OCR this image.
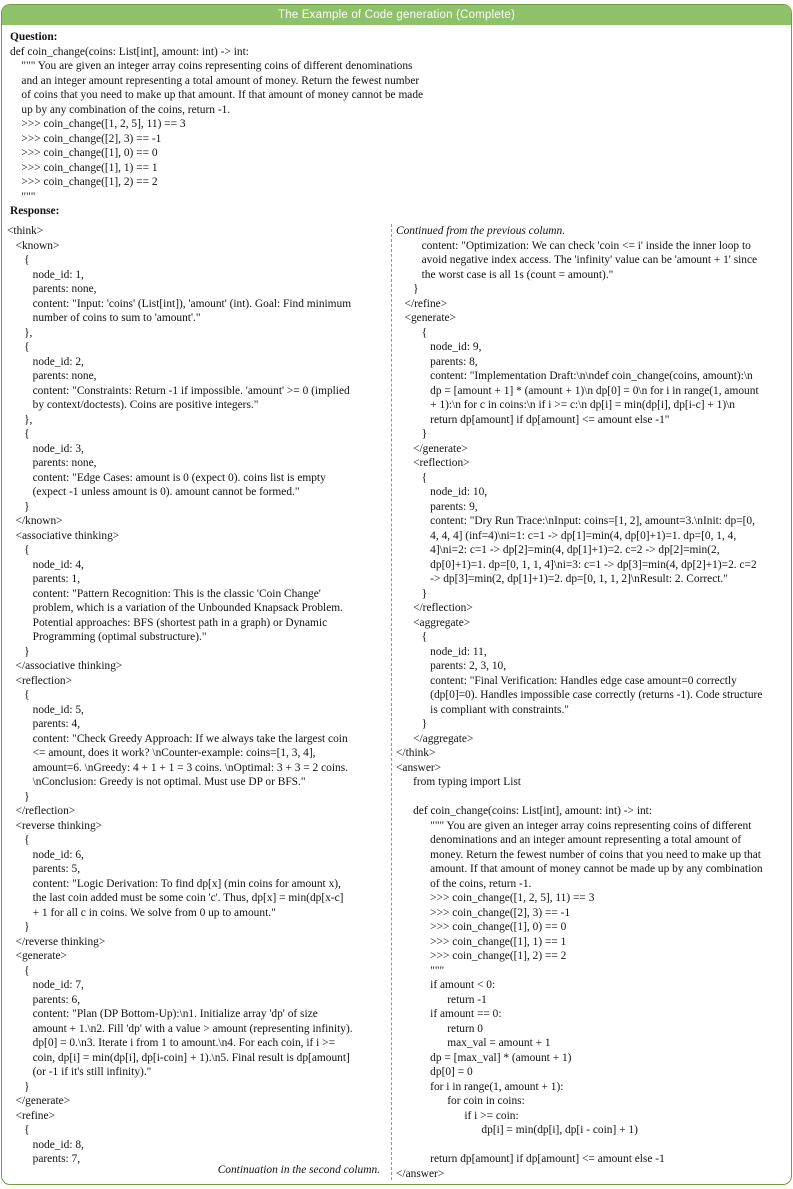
The Example of Code generation (Complete)
Question:
def coin_change(coins: List[int], amount: int) -> int:
""" You are given an integer array coins representing coins of different denominations
and an integer amount representing a total amount of money. Return the fewest number
of coins that you need to make up that amount. If that amount of money cannot be made
up by any combination of the coins, return -1.
>>> coin_change([1, 2, 5], 11) == 3
>>> coin_change([2], 3) == -1
>>> coin_change([1], 0) == 0
>>> coin_change([1], 1) == 1
>>> coin_change([1], 2) == 2
"""
Response:
<think>
<known>
{
node_id: 1,
parents: none,
content: "Input: 'coins' (List[int]), 'amount' (int). Goal: Find minimum
number of coins to sum to 'amount'."
},
{
node_id: 2,
parents: none,
content: "Constraints: Return -1 if impossible. 'amount' >= 0 (implied
by context/doctests). Coins are positive integers."
},
{
node_id: 3,
parents: none,
content: "Edge Cases: amount is 0 (expect 0). coins list is empty
(expect -1 unless amount is 0). amount cannot be formed."
}
</known>
<associative thinking>
{
node_id: 4,
parents: 1,
content: "Pattern Recognition: This is the classic 'Coin Change'
problem, which is a variation of the Unbounded Knapsack Problem.
Potential approaches: BFS (shortest path in a graph) or Dynamic
Programming (optimal substructure)."
}
</associative thinking>
<reflection>
{
node_id: 5,
parents: 4,
content: "Check Greedy Approach: If we always take the largest coin
<= amount, does it work? \nCounter-example: coins=[1, 3, 4],
amount=6. \nGreedy: 4 + 1 + 1 = 3 coins. \nOptimal: 3 + 3 = 2 coins.
\nConclusion: Greedy is not optimal. Must use DP or BFS."
}
</reflection>
<reverse thinking>
{
node_id: 6,
parents: 5,
content: "Logic Derivation: To find dp[x] (min coins for amount x),
the last coin added must be some coin 'c'. Thus, dp[x] = min(dp[x-c]
+ 1 for all c in coins. We solve from 0 up to amount."
}
</reverse thinking>
<generate>
{
node_id: 7,
parents: 6,
content: "Plan (DP Bottom-Up):\n1. Initialize array 'dp' of size
amount + 1.\n2. Fill 'dp' with a value > amount (representing infinity).
dp[0] = 0.\n3. Iterate i from 1 to amount.\n4. For each coin, if i >=
coin, dp[i] = min(dp[i], dp[i-coin] + 1).\n5. Final result is dp[amount]
(or -1 if it's still infinity)."
}
</generate>
<refine>
{
node_id: 8,
parents: 7,
Continuation in the second column.
Continued from the previous column.
content: "Optimization: We can check 'coin <= i' inside the inner loop to
avoid negative index access. The 'infinity' value can be 'amount + 1' since
the worst case is all 1s (count = amount)."
}
</refine>
<generate>
{
node_id: 9,
parents: 8,
content: "Implementation Draft:\n\ndef coin_change(coins, amount):\n
dp = [amount + 1] * (amount + 1)\n dp[0] = 0\n for i in range(1, amount
+ 1):\n for c in coins:\n if i >= c:\n dp[i] = min(dp[i], dp[i-c] + 1)\n
return dp[amount] if dp[amount] <= amount else -1"
}
</generate>
<reflection>
{
node_id: 10,
parents: 9,
content: "Dry Run Trace:\nInput: coins=[1, 2], amount=3.\nInit: dp=[0,
4, 4, 4] (inf=4)\ni=1: c=1 -> dp[1]=min(4, dp[0]+1)=1. dp=[0, 1, 4,
4]\ni=2: c=1 -> dp[2]=min(4, dp[1]+1)=2. c=2 -> dp[2]=min(2,
dp[0]+1)=1. dp=[0, 1, 1, 4]\ni=3: c=1 -> dp[3]=min(4, dp[2]+1)=2. c=2
-> dp[3]=min(2, dp[1]+1)=2. dp=[0, 1, 1, 2]\nResult: 2. Correct."
}
</reflection>
<aggregate>
{
node_id: 11,
parents: 2, 3, 10,
content: "Final Verification: Handles edge case amount=0 correctly
(dp[0]=0). Handles impossible case correctly (returns -1). Code structure
is compliant with constraints."
}
</aggregate>
</think>
<answer>
from typing import List
def coin_change(coins: List[int], amount: int) -> int:
""" You are given an integer array coins representing coins of different
denominations and an integer amount representing a total amount of
money. Return the fewest number of coins that you need to make up that
amount. If that amount of money cannot be made up by any combination
of the coins, return -1.
>>> coin_change([1, 2, 5], 11) == 3
>>> coin_change([2], 3) == -1
>>> coin_change([1], 0) == 0
>>> coin_change([1], 1) == 1
>>> coin_change([1], 2) == 2
"""
if amount < 0:
return -1
if amount == 0:
return 0
max_val = amount + 1
dp = [max_val] * (amount + 1)
dp[0] = 0
for i in range(1, amount + 1):
for coin in coins:
if i >= coin:
dp[i] = min(dp[i], dp[i - coin] + 1)
return dp[amount] if dp[amount] <= amount else -1
</answer>
